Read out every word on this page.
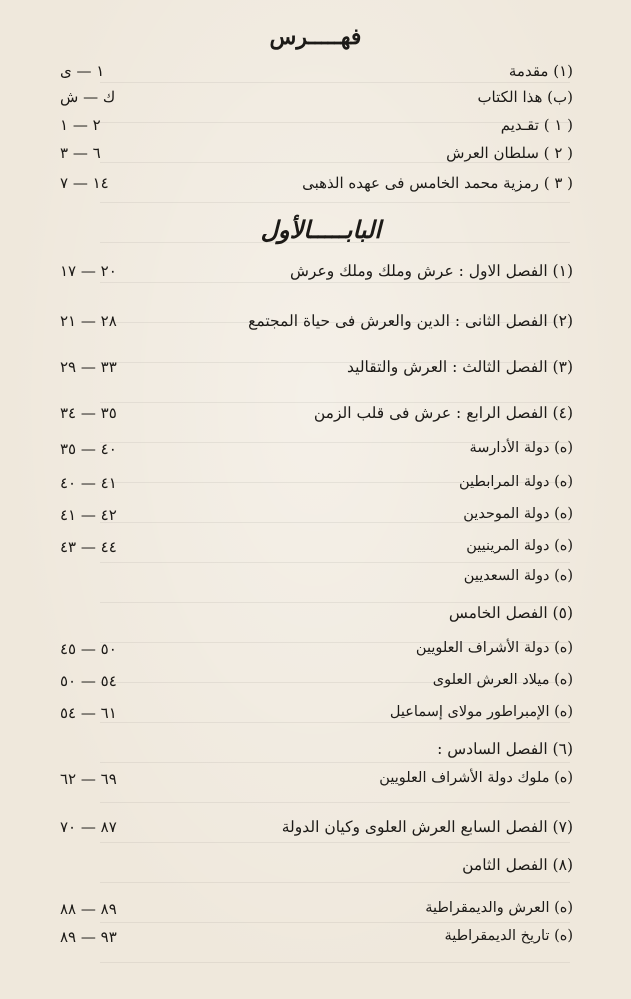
فهـــــرس
البابـــــالأول
(١) مقدمة
١ — ى
(ب) هذا الكتاب
ك — ش
( ١ ) تقـديم
٢ — ١
( ٢ ) سلطان العرش
٦ — ٣
( ٣ ) رمزية محمد الخامس فى عهده الذهبى
١٤ — ٧
(١) الفصل الاول : عرش وملك وملك وعرش
٢٠ — ١٧
(٢) الفصل الثانى : الدين والعرش فى حياة المجتمع
٢٨ — ٢١
(٣) الفصل الثالث : العرش والتقاليد
٣٣ — ٢٩
(٤) الفصل الرابع : عرش فى قلب الزمن
٣٥ — ٣٤
(ه) دولة الأدارسة
٤٠ — ٣٥
(ه) دولة المرابطين
٤١ — ٤٠
(ه) دولة الموحدين
٤٢ — ٤١
(ه) دولة المرينيين
٤٤ — ٤٣
(ه) دولة السعديين
(٥) الفصل الخامس
(ه) دولة الأشراف العلويين
٥٠ — ٤٥
(ه) ميلاد العرش العلوى
٥٤ — ٥٠
(ه) الإمبراطور مولاى إسماعيل
٦١ — ٥٤
(٦) الفصل السادس :
(ه) ملوك دولة الأشراف العلويين
٦٩ — ٦٢
(٧) الفصل السابع العرش العلوى وكيان الدولة
٨٧ — ٧٠
(٨) الفصل الثامن
(ه) العرش والديمقراطية
٨٩ — ٨٨
(ه) تاريخ الديمقراطية
٩٣ — ٨٩
